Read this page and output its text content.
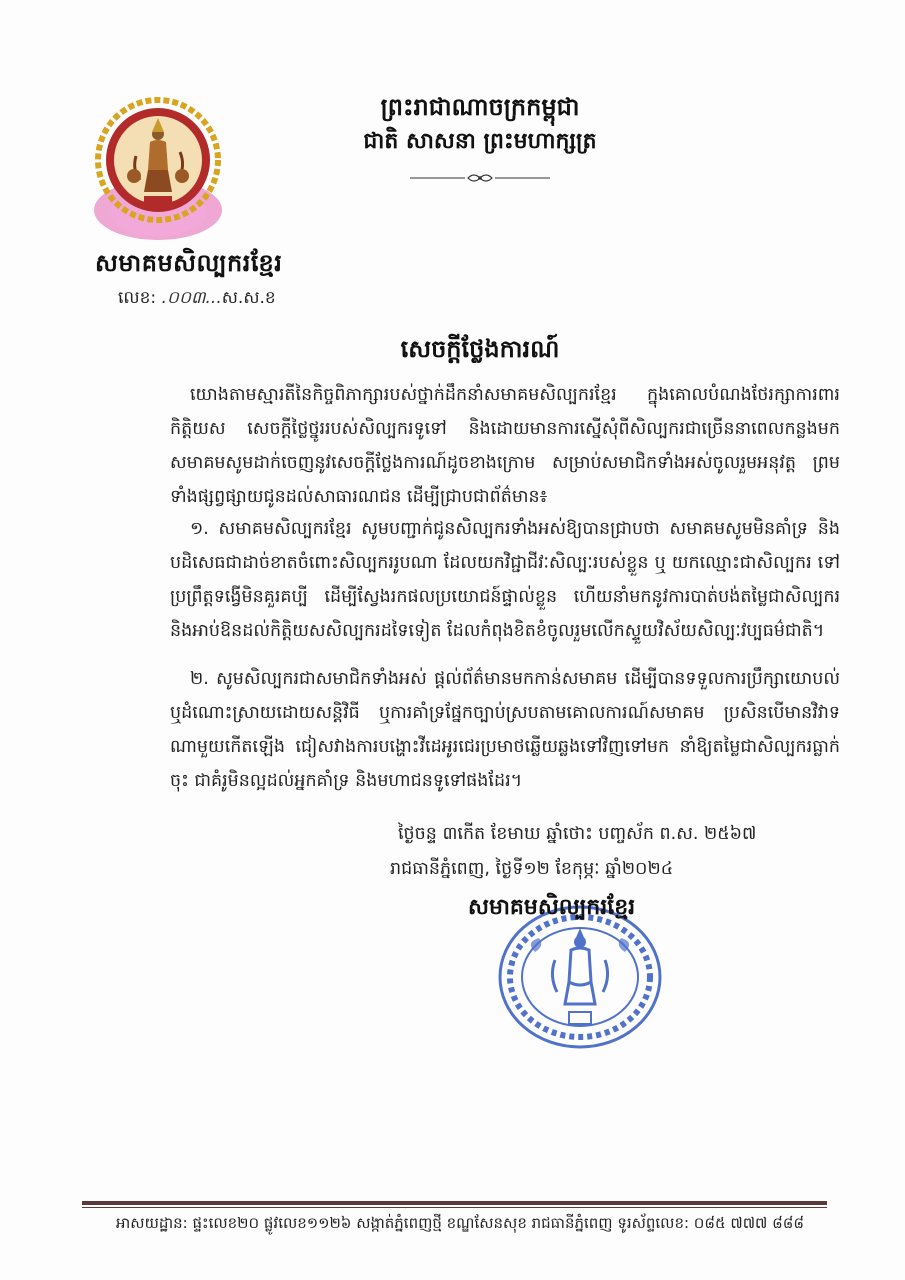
សមាគមសិល្បករខ្មែរ
លេខ: .០០៣...ស.ស.ខ
ព្រះរាជាណាចក្រកម្ពុជា
ជាតិ សាសនា ព្រះមហាក្សត្រ
សេចក្តីថ្លែងការណ៍
យោងតាមស្មារតីនៃកិច្ចពិភាក្សារបស់ថ្នាក់ដឹកនាំសមាគមសិល្បករខ្មែរ ក្នុងគោលបំណងថែរក្សាការពារកិត្តិយស សេចក្តីថ្លៃថ្នូររបស់សិល្បករទូទៅ និងដោយមានការស្នើសុំពីសិល្បករជាច្រើននាពេលកន្លងមក សមាគមសូមដាក់ចេញនូវសេចក្តីថ្លែងការណ៍ដូចខាងក្រោម សម្រាប់សមាជិកទាំងអស់ចូលរួមអនុវត្ត ព្រមទាំងផ្សព្វផ្សាយជូនដល់សាធារណជន ដើម្បីជ្រាបជាព័ត៌មាន៖
១. សមាគមសិល្បករខ្មែរ សូមបញ្ជាក់ជូនសិល្បករទាំងអស់ឱ្យបានជ្រាបថា សមាគមសូមមិនគាំទ្រ និងបដិសេធជាដាច់ខាតចំពោះសិល្បកររូបណា ដែលយកវិជ្ជាជីវៈសិល្បៈរបស់ខ្លួន ឬ យកឈ្មោះជាសិល្បករ ទៅប្រព្រឹត្តទង្វើមិនគួរគប្បី ដើម្បីស្វែងរកផលប្រយោជន៍ផ្ទាល់ខ្លួន ហើយនាំមកនូវការបាត់បង់តម្លៃជាសិល្បករ និងអាប់ឱនដល់កិត្តិយសសិល្បករដទៃទៀត ដែលកំពុងខិតខំចូលរួមលើកស្ទួយវិស័យសិល្បៈវប្បធម៌ជាតិ។
២. សូមសិល្បករជាសមាជិកទាំងអស់ ផ្តល់ព័ត៌មានមកកាន់សមាគម ដើម្បីបានទទួលការប្រឹក្សាយោបល់ ឬដំណោះស្រាយដោយសន្តិវិធី ឬការគាំទ្រផ្នែកច្បាប់ស្របតាមគោលការណ៍សមាគម ប្រសិនបើមានវិវាទណាមួយកើតឡើង ជៀសវាងការបង្ហោះវីដេអូរជេរប្រមាថឆ្លើយឆ្លងទៅវិញទៅមក នាំឱ្យតម្លៃជាសិល្បករធ្លាក់ចុះ ជាគំរូមិនល្អដល់អ្នកគាំទ្រ និងមហាជនទូទៅផងដែរ។
ថ្ងៃចន្ទ ៣កើត ខែមាឃ ឆ្នាំថោះ បញ្ចស័ក ព.ស. ២៥៦៧
រាជធានីភ្នំពេញ, ថ្ងៃទី១២ ខែកុម្ភៈ ឆ្នាំ២០២៤
សមាគមសិល្បករខ្មែរ
អាសយដ្ឋាន: ផ្ទះលេខ២០ ផ្លូវលេខ១១២៦ សង្កាត់ភ្នំពេញថ្មី ខណ្ឌសែនសុខ រាជធានីភ្នំពេញ ទូរស័ព្ទលេខ: ០៨៥ ៧៧៧ ៨៨៨
